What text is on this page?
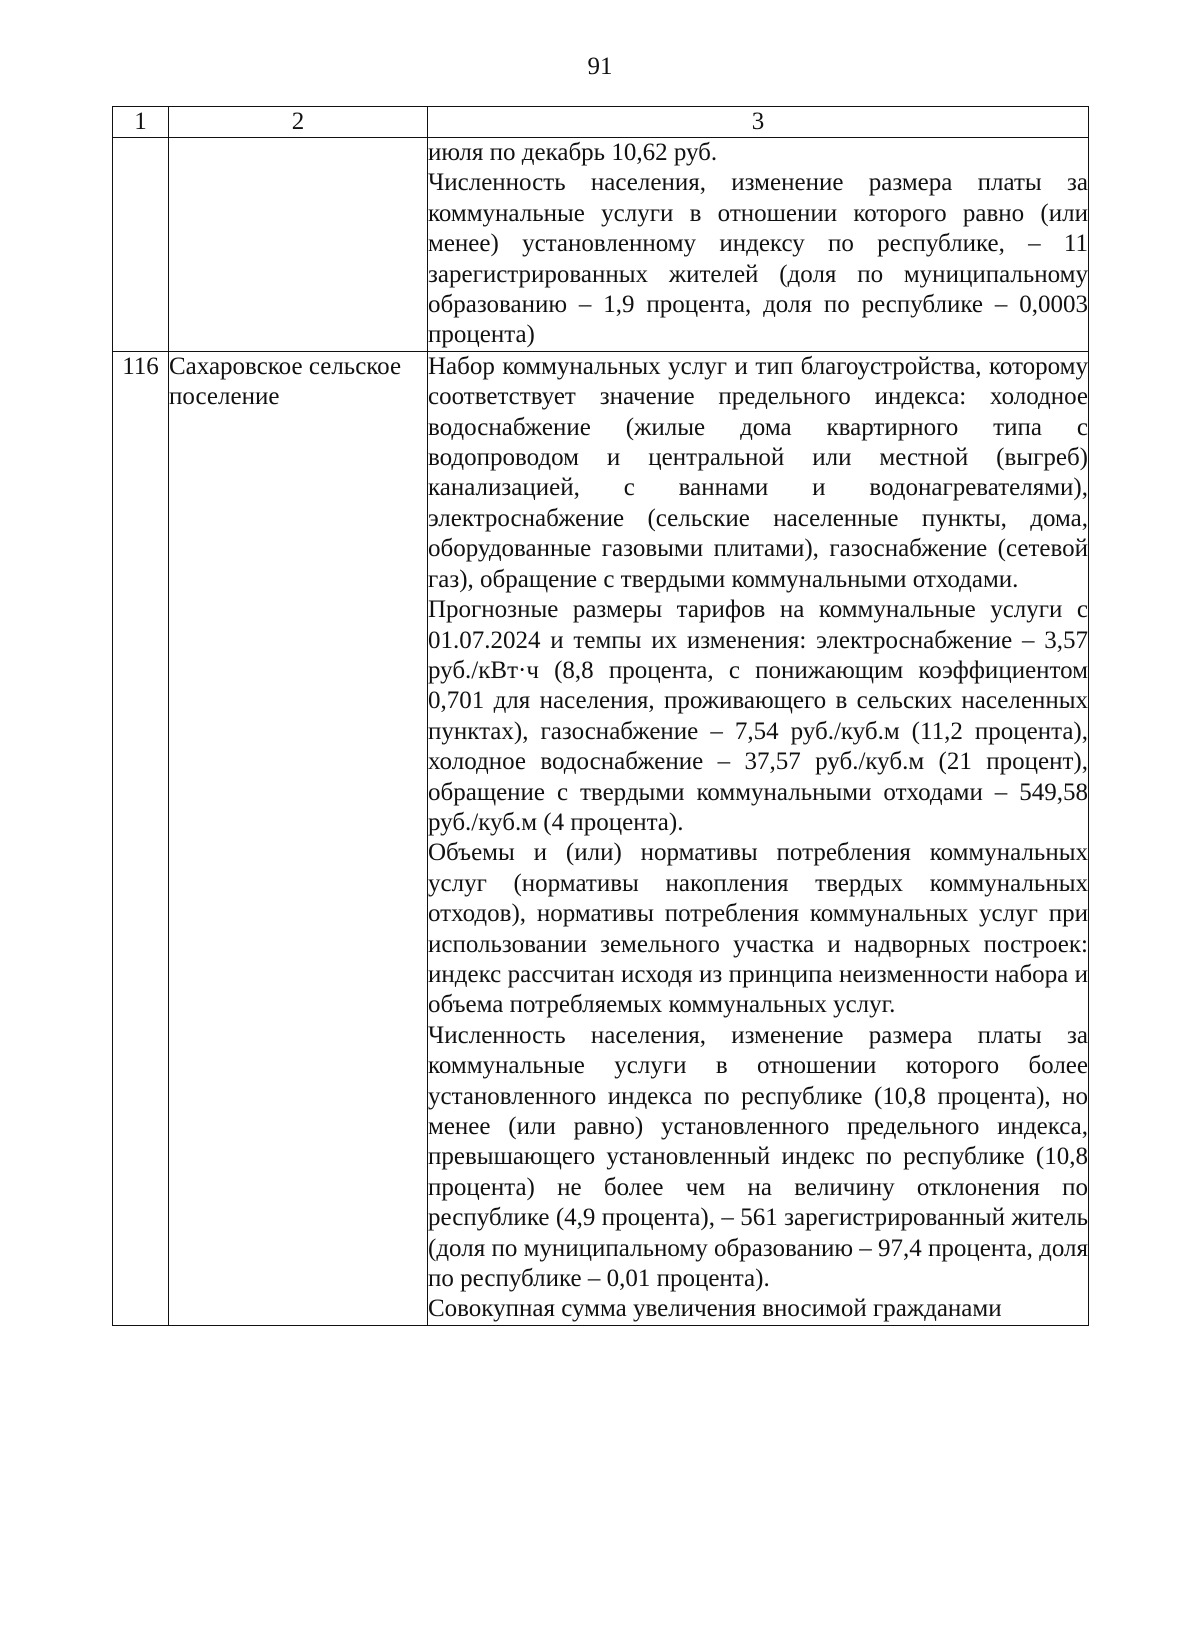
91
1	2	3

		июля по декабрь 10,62 руб.
Численность населения, изменение размера платы за коммунальные услуги в отношении которого равно (или менее) установленному индексу по республике, – 11 зарегистрированных жителей (доля по муниципальному образованию – 1,9 процента, доля по республике – 0,0003 процента)

116	Сахаровское сельское поселение	Набор коммунальных услуг и тип благоустройства, которому соответствует значение предельного индекса: холодное водоснабжение (жилые дома квартирного типа с водопроводом и центральной или местной (выгреб) канализацией, с ваннами и водонагревателями), электроснабжение (сельские населенные пункты, дома, оборудованные газовыми плитами), газоснабжение (сетевой газ), обращение с твердыми коммунальными отходами.
Прогнозные размеры тарифов на коммунальные услуги с 01.07.2024 и темпы их изменения: электроснабжение – 3,57 руб./кВт·ч (8,8 процента, с понижающим коэффициентом 0,701 для населения, проживающего в сельских населенных пунктах), газоснабжение – 7,54 руб./куб.м (11,2 процента), холодное водоснабжение – 37,57 руб./куб.м (21 процент), обращение с твердыми коммунальными отходами – 549,58 руб./куб.м (4 процента).
Объемы и (или) нормативы потребления коммунальных услуг (нормативы накопления твердых коммунальных отходов), нормативы потребления коммунальных услуг при использовании земельного участка и надворных построек: индекс рассчитан исходя из принципа неизменности набора и объема потребляемых коммунальных услуг.
Численность населения, изменение размера платы за коммунальные услуги в отношении которого более установленного индекса по республике (10,8 процента), но менее (или равно) установленного предельного индекса, превышающего установленный индекс по республике (10,8 процента) не более чем на величину отклонения по республике (4,9 процента), – 561 зарегистрированный житель (доля по муниципальному образованию – 97,4 процента, доля по республике – 0,01 процента).
Совокупная сумма увеличения вносимой гражданами
